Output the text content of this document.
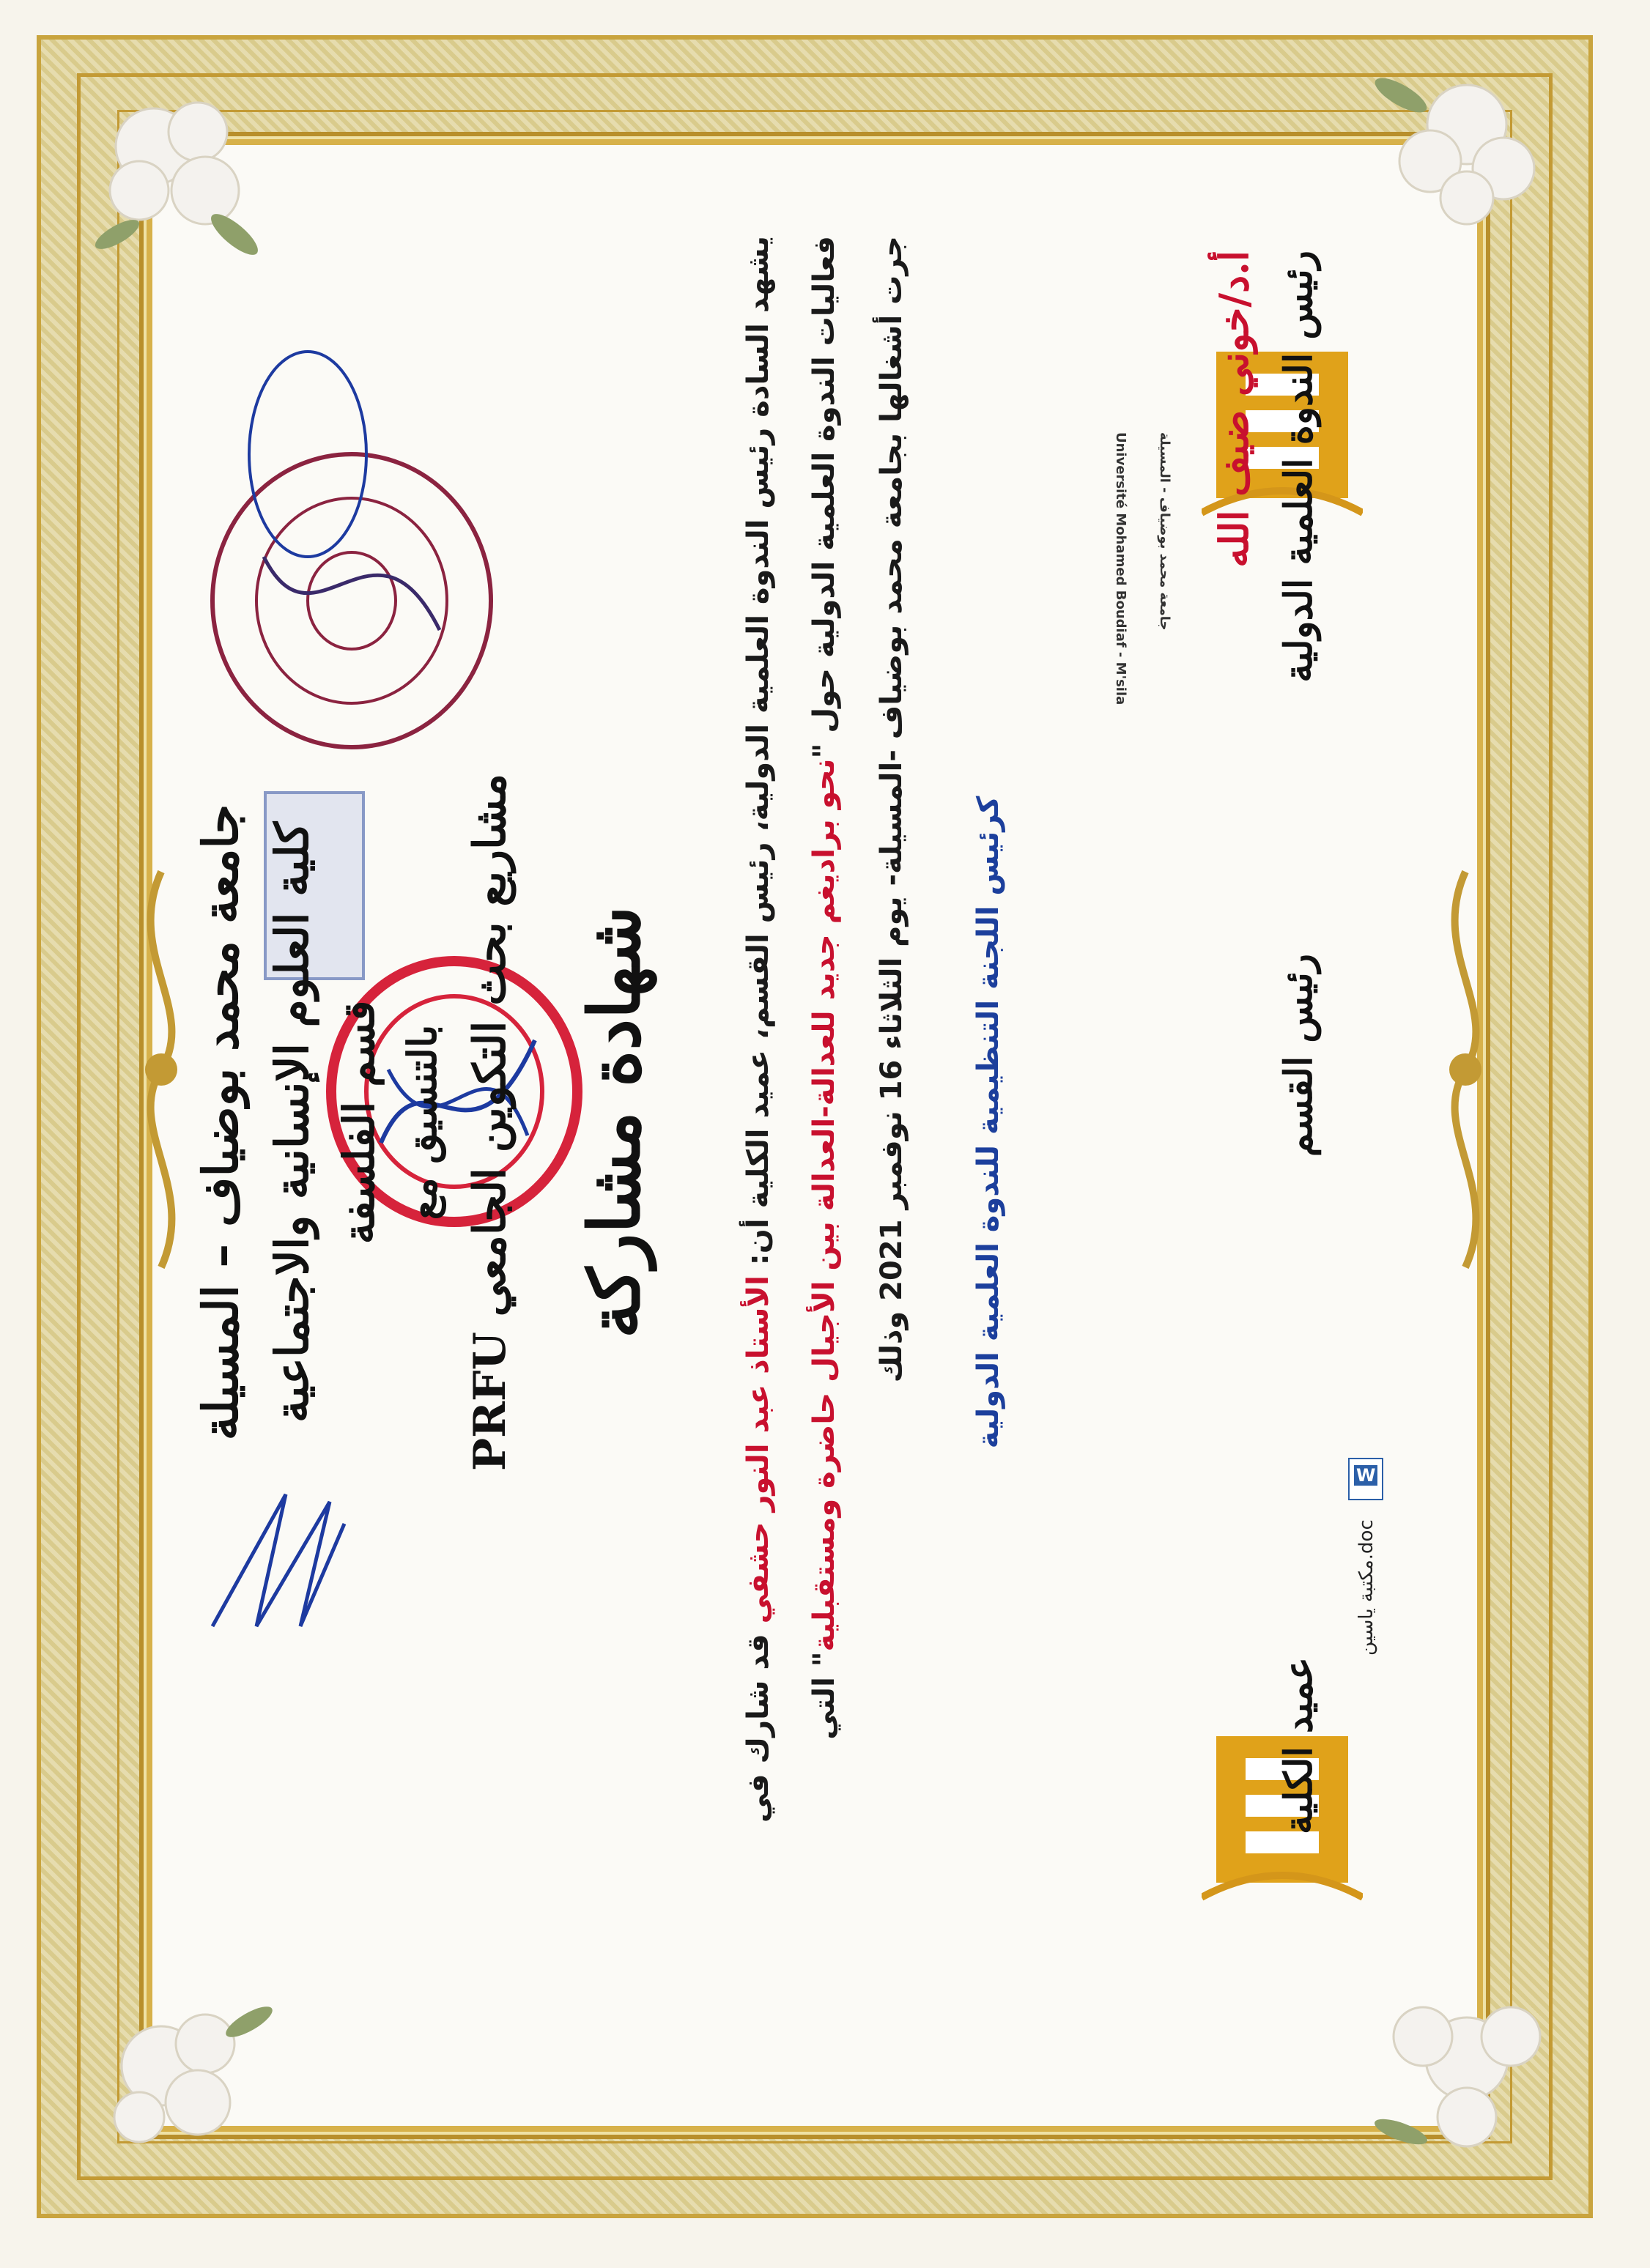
Université Mohamed Boudiaf - M'sila جامعة محمد بوضياف - المسيلة
W
مكتبة ياسين.doc
جامعة محمد بوضياف – المسيلة كلية العلوم الإنسانية والاجتماعية قسم الفلسفة بالتنسيق مع
مشاريع بحث التكوين الجامعي PRFU شهادة مشاركة	يشهد السادة رئيس الندوة العلمية الدولية، رئيس القسم، عميد الكلية أن: الأستاذ عبد النور حشفي قد شارك في
فعاليات الندوة العلمية الدولية حول "نحو براديغم جديد للعدالة-العدالة بين الأجيال حاضرة ومستقبلية" التي
جرت أشغالها بجامعة محمد بوضياف -المسيلة- يوم الثلاثاء 16 نوفمبر 2021 وذلك
كرئيس اللجنة التنظيمية للندوة العلمية الدولية
أ.د/خوني ضيف الله رئيس الندوة العلمية الدولية
رئيس القسم
عميد الكلية
